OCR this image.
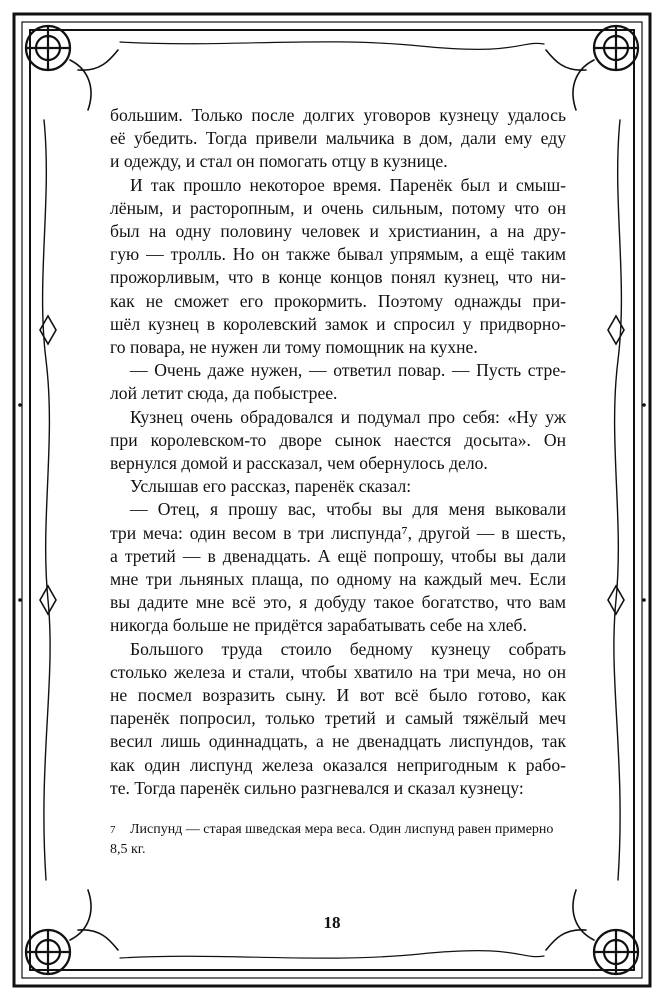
большим. Только после долгих уговоров кузнецу удалось
её убедить. Тогда привели мальчика в дом, дали ему еду
и одежду, и стал он помогать отцу в кузнице.
И так прошло некоторое время. Паренёк был и смыш-
лёным, и расторопным, и очень сильным, потому что он
был на одну половину человек и христианин, а на дру-
гую — тролль. Но он также бывал упрямым, а ещё таким
прожорливым, что в конце концов понял кузнец, что ни-
как не сможет его прокормить. Поэтому однажды при-
шёл кузнец в королевский замок и спросил у придворно-
го повара, не нужен ли тому помощник на кухне.
— Очень даже нужен, — ответил повар. — Пусть стре-
лой летит сюда, да побыстрее.
Кузнец очень обрадовался и подумал про себя: «Ну уж
при королевском-то дворе сынок наестся досыта». Он
вернулся домой и рассказал, чем обернулось дело.
Услышав его рассказ, паренёк сказал:
— Отец, я прошу вас, чтобы вы для меня выковали
три меча: один весом в три лиспунда⁷, другой — в шесть,
а третий — в двенадцать. А ещё попрошу, чтобы вы дали
мне три льняных плаща, по одному на каждый меч. Если
вы дадите мне всё это, я добуду такое богатство, что вам
никогда больше не придётся зарабатывать себе на хлеб.
Большого труда стоило бедному кузнецу собрать
столько железа и стали, чтобы хватило на три меча, но он
не посмел возразить сыну. И вот всё было готово, как
паренёк попросил, только третий и самый тяжёлый меч
весил лишь одиннадцать, а не двенадцать лиспундов, так
как один лиспунд железа оказался непригодным к рабо-
те. Тогда паренёк сильно разгневался и сказал кузнецу:
7 Лиспунд — старая шведская мера веса. Один лиспунд равен примерно 8,5 кг.
18
